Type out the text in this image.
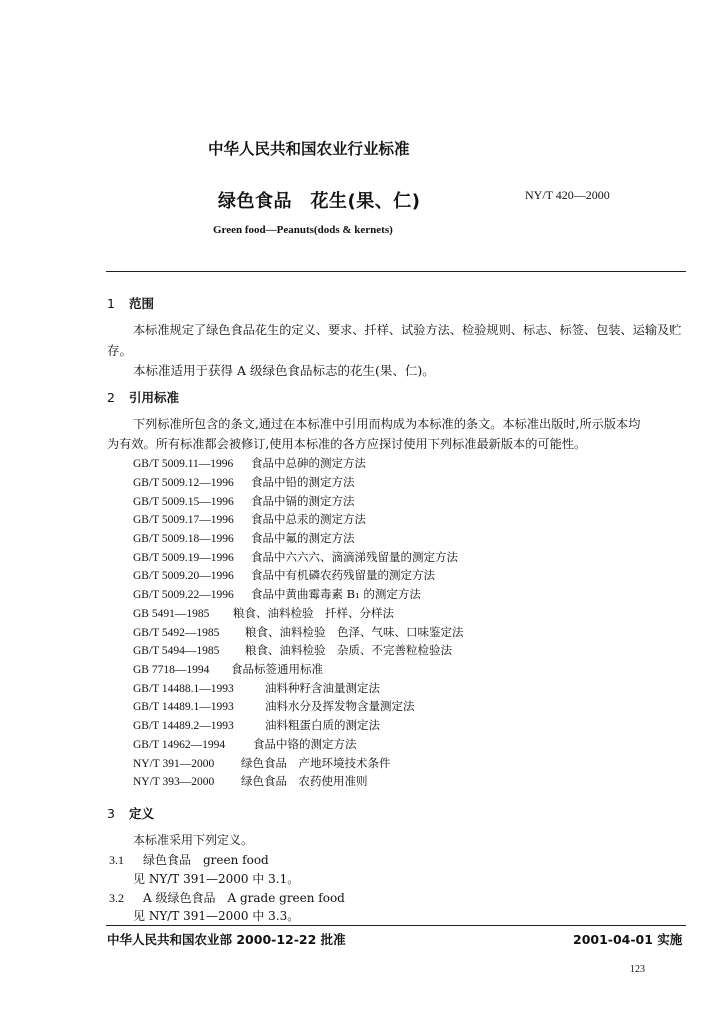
中华人民共和国农业行业标准
绿色食品　花生(果、仁)	NY/T 420—2000
Green food—Peanuts(dods & kernets)
1 范围
本标准规定了绿色食品花生的定义、要求、扦样、试验方法、检验规则、标志、标签、包装、运输及贮
存。
本标准适用于获得 A 级绿色食品标志的花生(果、仁)。
2 引用标准
下列标准所包含的条文,通过在本标准中引用而构成为本标准的条文。本标准出版时,所示版本均
为有效。所有标准都会被修订,使用本标准的各方应探讨使用下列标准最新版本的可能性。
GB/T 5009.11—1996 食品中总砷的测定方法
GB/T 5009.12—1996 食品中铅的测定方法
GB/T 5009.15—1996 食品中镉的测定方法
GB/T 5009.17—1996 食品中总汞的测定方法
GB/T 5009.18—1996 食品中氟的测定方法
GB/T 5009.19—1996 食品中六六六、滴滴涕残留量的测定方法
GB/T 5009.20—1996 食品中有机磷农药残留量的测定方法
GB/T 5009.22—1996 食品中黄曲霉毒素 B₁ 的测定方法
GB 5491—1985 粮食、油料检验　扦样、分样法
GB/T 5492—1985 粮食、油料检验　色泽、气味、口味鉴定法
GB/T 5494—1985 粮食、油料检验　杂质、不完善粒检验法
GB 7718—1994 食品标签通用标准
GB/T 14488.1—1993	油料种籽含油量测定法
GB/T 14489.1—1993	油料水分及挥发物含量测定法
GB/T 14489.2—1993	油料粗蛋白质的测定法
GB/T 14962—1994 食品中铬的测定方法
NY/T 391—2000 绿色食品　产地环境技术条件
NY/T 393—2000 绿色食品　农药使用准则
3 定义
本标准采用下列定义。
3.1 绿色食品　green food
见 NY/T 391—2000 中 3.1。
3.2 A 级绿色食品　A grade green food
见 NY/T 391—2000 中 3.3。
中华人民共和国农业部 2000-12-22 批准	2001-04-01 实施
123
